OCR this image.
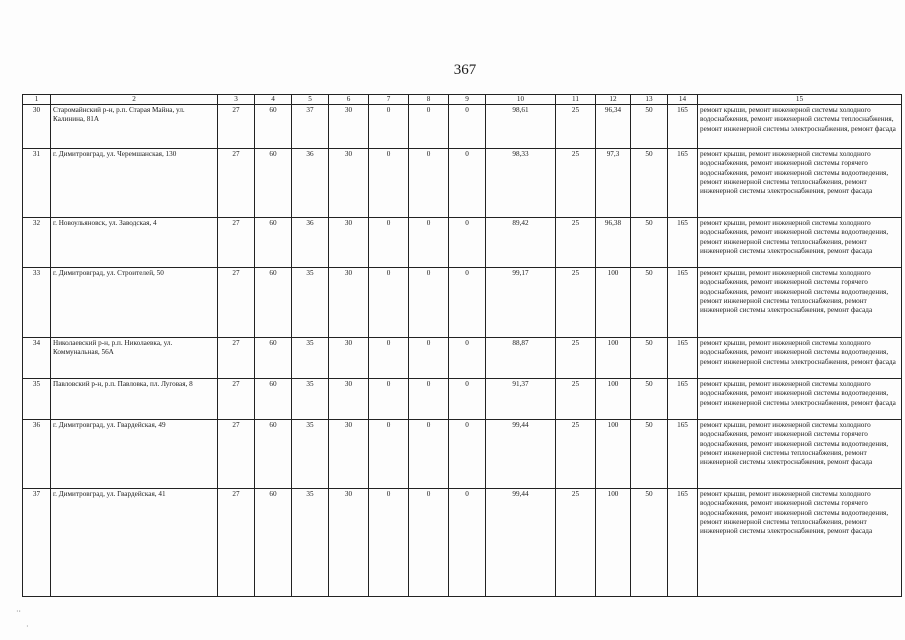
367
1	2	3	4	5	6	7	8	9	10	11	12	13	14	15
30	Старомайнский р-н, р.п. Старая Майна, ул. Калинина, 81А	27	60	37	30	0	0	0	98,61	25	96,34	50	165	ремонт крыши, ремонт инженерной системы холодного водоснабжения, ремонт инженерной системы теплоснабжения, ремонт инженерной системы электроснабжения, ремонт фасада
31	г. Димитровград, ул. Черемшанская, 130	27	60	36	30	0	0	0	98,33	25	97,3	50	165	ремонт крыши, ремонт инженерной системы холодного водоснабжения, ремонт инженерной системы горячего водоснабжения, ремонт инженерной системы водоотведения, ремонт инженерной системы теплоснабжения, ремонт инженерной системы электроснабжения, ремонт фасада
32	г. Новоульяновск, ул. Заводская, 4	27	60	36	30	0	0	0	89,42	25	96,38	50	165	ремонт крыши, ремонт инженерной системы холодного водоснабжения, ремонт инженерной системы водоотведения, ремонт инженерной системы теплоснабжения, ремонт инженерной системы электроснабжения, ремонт фасада
33	г. Димитровград, ул. Строителей, 50	27	60	35	30	0	0	0	99,17	25	100	50	165	ремонт крыши, ремонт инженерной системы холодного водоснабжения, ремонт инженерной системы горячего водоснабжения, ремонт инженерной системы водоотведения, ремонт инженерной системы теплоснабжения, ремонт инженерной системы электроснабжения, ремонт фасада
34	Николаевский р-н, р.п. Николаевка, ул. Коммунальная, 56А	27	60	35	30	0	0	0	88,87	25	100	50	165	ремонт крыши, ремонт инженерной системы холодного водоснабжения, ремонт инженерной системы водоотведения, ремонт инженерной системы электроснабжения, ремонт фасада
35	Павловский р-н, р.п. Павловка, пл. Луговая, 8	27	60	35	30	0	0	0	91,37	25	100	50	165	ремонт крыши, ремонт инженерной системы холодного водоснабжения, ремонт инженерной системы водоотведения, ремонт инженерной системы электроснабжения, ремонт фасада
36	г. Димитровград, ул. Гвардейская, 49	27	60	35	30	0	0	0	99,44	25	100	50	165	ремонт крыши, ремонт инженерной системы холодного водоснабжения, ремонт инженерной системы горячего водоснабжения, ремонт инженерной системы водоотведения, ремонт инженерной системы теплоснабжения, ремонт инженерной системы электроснабжения, ремонт фасада
37	г. Димитровград, ул. Гвардейская, 41	27	60	35	30	0	0	0	99,44	25	100	50	165	ремонт крыши, ремонт инженерной системы холодного водоснабжения, ремонт инженерной системы горячего водоснабжения, ремонт инженерной системы водоотведения, ремонт инженерной системы теплоснабжения, ремонт инженерной системы электроснабжения, ремонт фасада
·⸱
·
